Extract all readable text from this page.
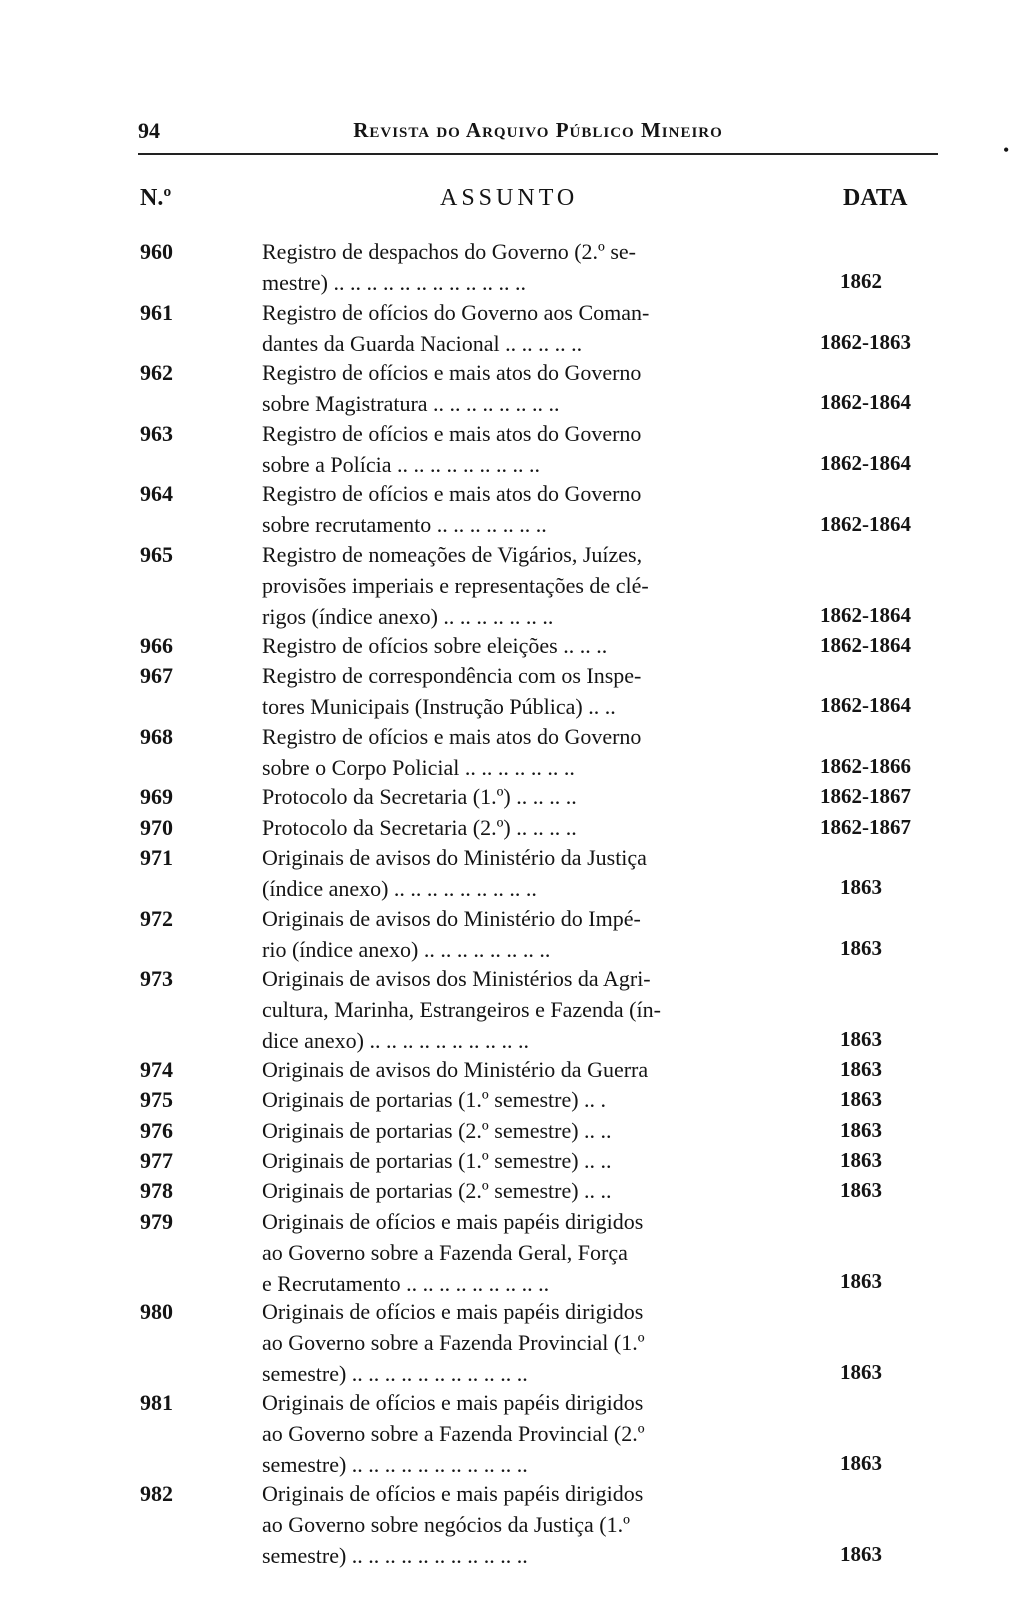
94	Revista do Arquivo Público Mineiro
•
N.º	ASSUNTO	DATA
960	Registro de despachos do Governo (2.º se-
mestre) .. .. .. .. .. .. .. .. .. .. .. ..	1862
961	Registro de ofícios do Governo aos Coman-
dantes da Guarda Nacional .. .. .. .. ..	1862-1863
962	Registro de ofícios e mais atos do Governo
sobre Magistratura .. .. .. .. .. .. .. ..	1862-1864
963	Registro de ofícios e mais atos do Governo
sobre a Polícia .. .. .. .. .. .. .. .. ..	1862-1864
964	Registro de ofícios e mais atos do Governo
sobre recrutamento .. .. .. .. .. .. ..	1862-1864
965	Registro de nomeações de Vigários, Juízes,
provisões imperiais e representações de clé-
rigos (índice anexo) .. .. .. .. .. .. ..	1862-1864
966	Registro de ofícios sobre eleições .. .. ..	1862-1864
967	Registro de correspondência com os Inspe-
tores Municipais (Instrução Pública) .. ..	1862-1864
968	Registro de ofícios e mais atos do Governo
sobre o Corpo Policial .. .. .. .. .. .. ..	1862-1866
969	Protocolo da Secretaria (1.º) .. .. .. ..	1862-1867
970	Protocolo da Secretaria (2.º) .. .. .. ..	1862-1867
971	Originais de avisos do Ministério da Justiça
(índice anexo) .. .. .. .. .. .. .. .. ..	1863
972	Originais de avisos do Ministério do Impé-
rio (índice anexo) .. .. .. .. .. .. .. ..	1863
973	Originais de avisos dos Ministérios da Agri-
cultura, Marinha, Estrangeiros e Fazenda (ín-
dice anexo) .. .. .. .. .. .. .. .. .. ..	1863
974	Originais de avisos do Ministério da Guerra	1863
975	Originais de portarias (1.º semestre) .. .	1863
976	Originais de portarias (2.º semestre) .. ..	1863
977	Originais de portarias (1.º semestre) .. ..	1863
978	Originais de portarias (2.º semestre) .. ..	1863
979	Originais de ofícios e mais papéis dirigidos
ao Governo sobre a Fazenda Geral, Força
e Recrutamento .. .. .. .. .. .. .. .. ..	1863
980	Originais de ofícios e mais papéis dirigidos
ao Governo sobre a Fazenda Provincial (1.º
semestre) .. .. .. .. .. .. .. .. .. .. ..	1863
981	Originais de ofícios e mais papéis dirigidos
ao Governo sobre a Fazenda Provincial (2.º
semestre) .. .. .. .. .. .. .. .. .. .. ..	1863
982	Originais de ofícios e mais papéis dirigidos
ao Governo sobre negócios da Justiça (1.º
semestre) .. .. .. .. .. .. .. .. .. .. ..	1863
